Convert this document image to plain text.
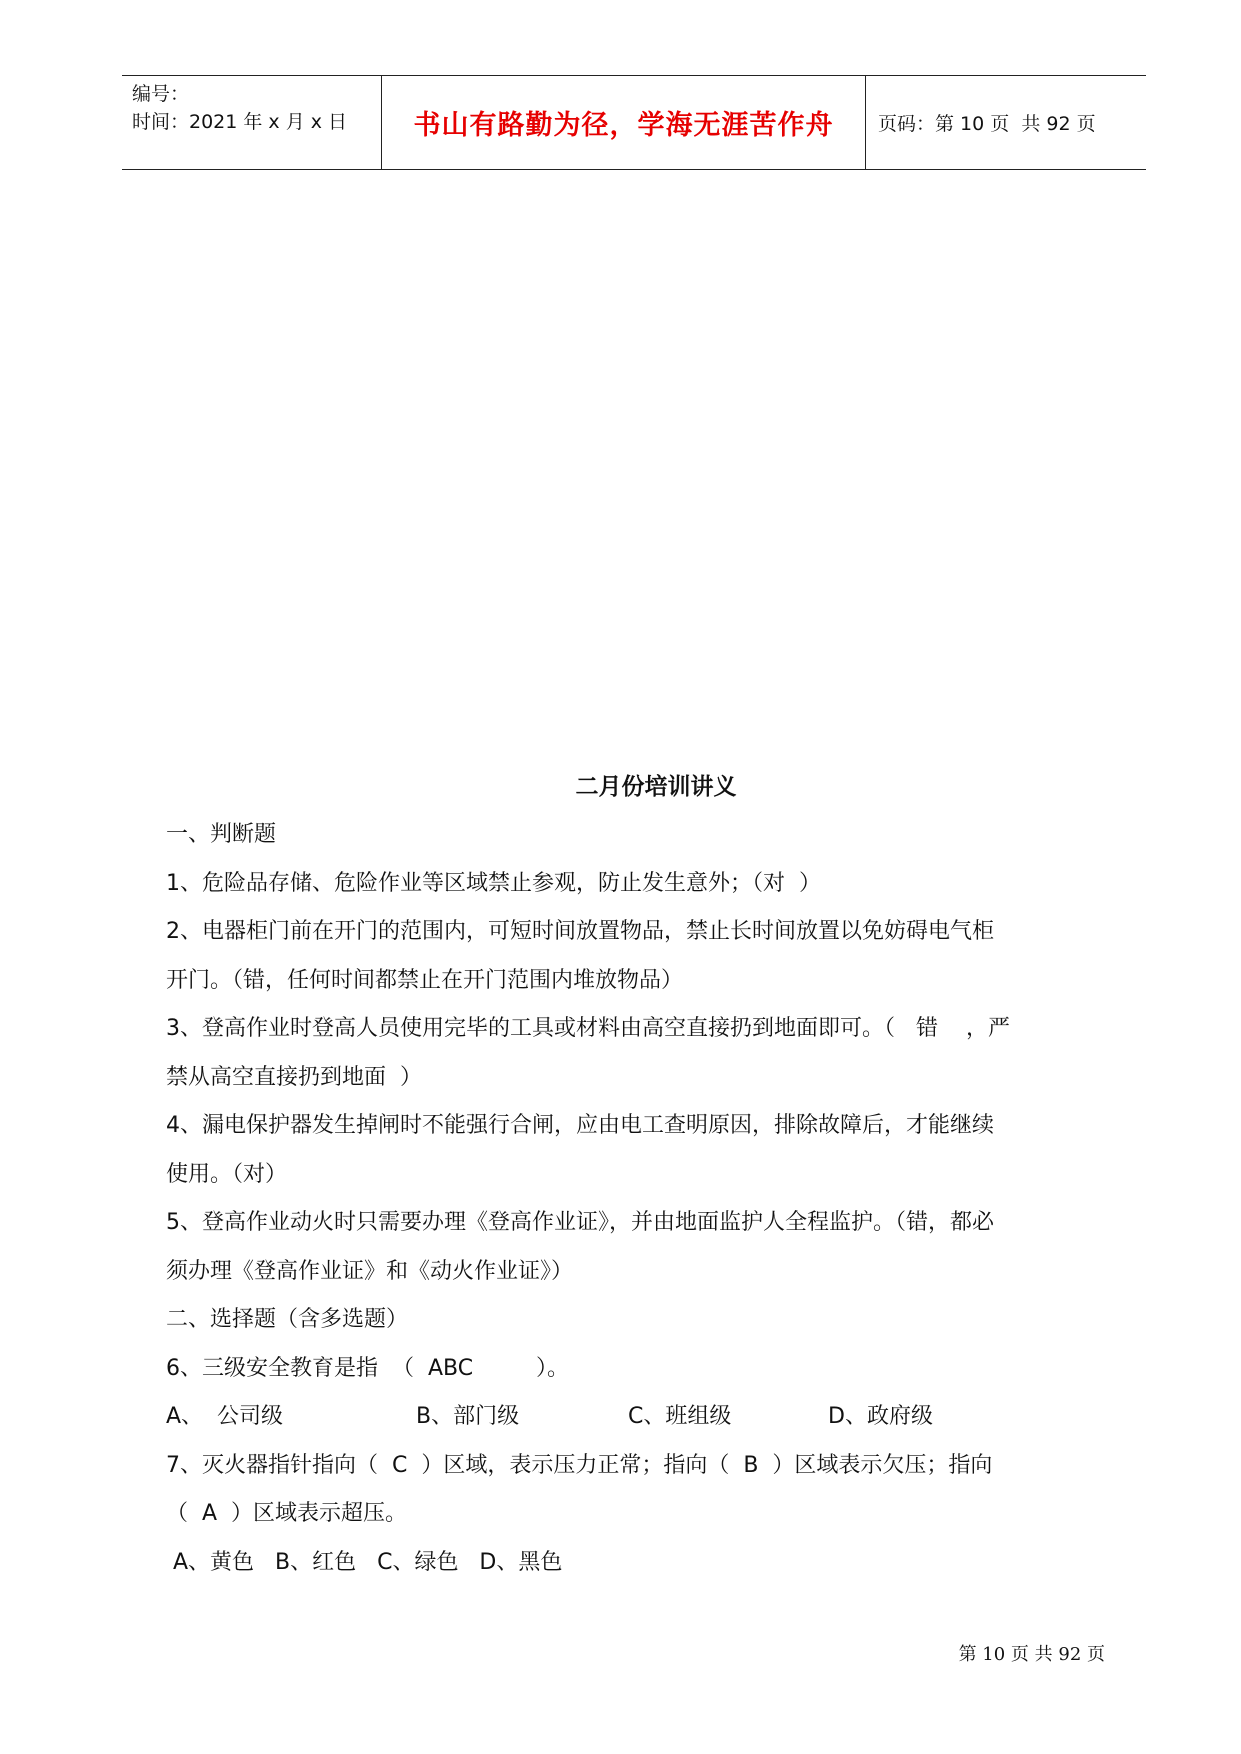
编号：
时间：2021 年 x 月 x 日	书山有路勤为径，学海无涯苦作舟 页码：第 10 页  共 92 页
二月份培训讲义
一、判断题
1、危险品存储、危险作业等区域禁止参观，防止发生意外；（对  ）
2、电器柜门前在开门的范围内，可短时间放置物品，禁止长时间放置以免妨碍电气柜
开门。（错，任何时间都禁止在开门范围内堆放物品）
3、登高作业时登高人员使用完毕的工具或材料由高空直接扔到地面即可。（   错    ，严
禁从高空直接扔到地面  ）
4、漏电保护器发生掉闸时不能强行合闸，应由电工查明原因，排除故障后，才能继续
使用。（对）
5、登高作业动火时只需要办理《登高作业证》，并由地面监护人全程监护。（错，都必
须办理《登高作业证》和《动火作业证》）
二、选择题（含多选题）
6、三级安全教育是指  （  ABC         ）。
A、  公司级	B、部门级	C、班组级	D、政府级
7、灭火器指针指向（  C  ）区域，表示压力正常；指向（  B  ）区域表示欠压；指向
（  A  ）区域表示超压。
A、黄色   B、红色   C、绿色   D、黑色
第 10 页 共 92 页
